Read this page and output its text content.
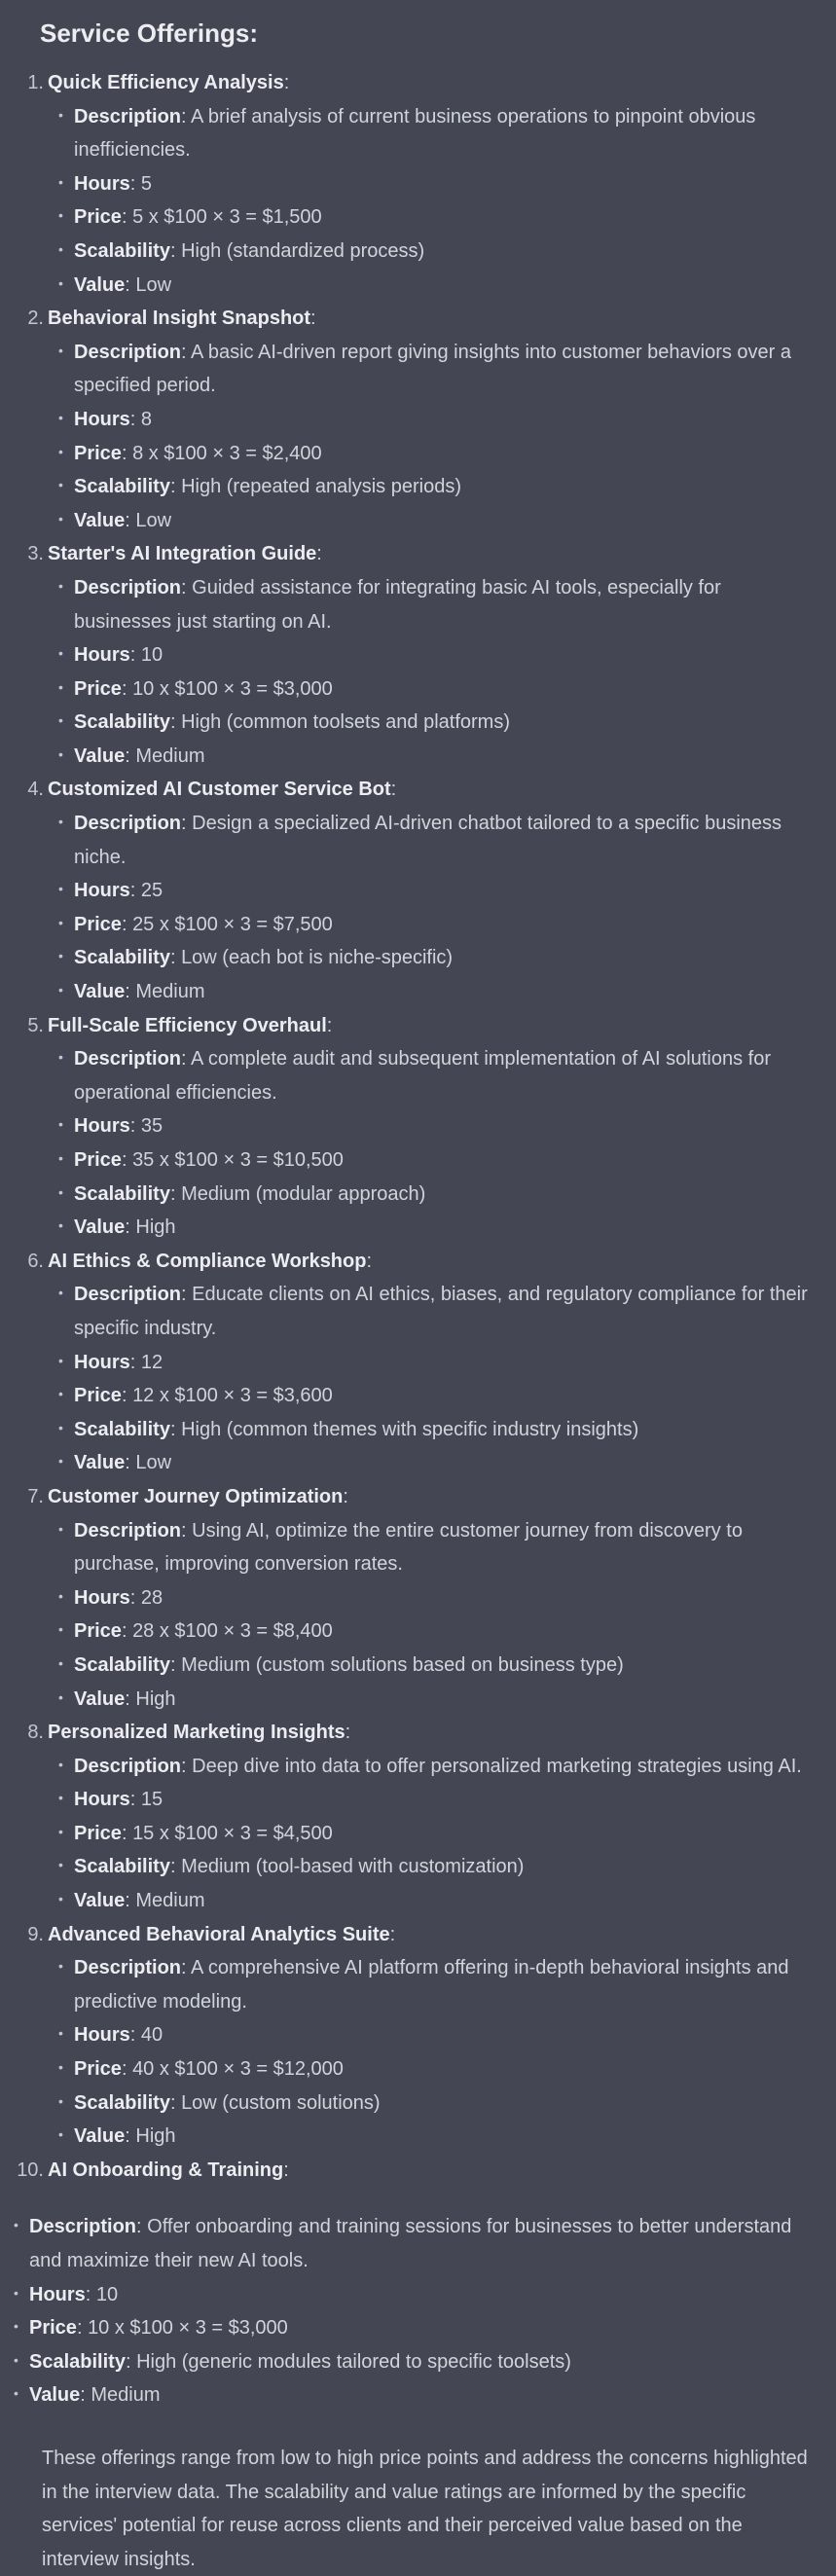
Service Offerings:
1. Quick Efficiency Analysis:
• Description: A brief analysis of current business operations to pinpoint obvious inefficiencies.
• Hours: 5
• Price: 5 x $100 × 3 = $1,500
• Scalability: High (standardized process)
• Value: Low
2. Behavioral Insight Snapshot:
• Description: A basic AI-driven report giving insights into customer behaviors over a specified period.
• Hours: 8
• Price: 8 x $100 × 3 = $2,400
• Scalability: High (repeated analysis periods)
• Value: Low
3. Starter's AI Integration Guide:
• Description: Guided assistance for integrating basic AI tools, especially for businesses just starting on AI.
• Hours: 10
• Price: 10 x $100 × 3 = $3,000
• Scalability: High (common toolsets and platforms)
• Value: Medium
4. Customized AI Customer Service Bot:
• Description: Design a specialized AI-driven chatbot tailored to a specific business niche.
• Hours: 25
• Price: 25 x $100 × 3 = $7,500
• Scalability: Low (each bot is niche-specific)
• Value: Medium
5. Full-Scale Efficiency Overhaul:
• Description: A complete audit and subsequent implementation of AI solutions for operational efficiencies.
• Hours: 35
• Price: 35 x $100 × 3 = $10,500
• Scalability: Medium (modular approach)
• Value: High
6. AI Ethics & Compliance Workshop:
• Description: Educate clients on AI ethics, biases, and regulatory compliance for their specific industry.
• Hours: 12
• Price: 12 x $100 × 3 = $3,600
• Scalability: High (common themes with specific industry insights)
• Value: Low
7. Customer Journey Optimization:
• Description: Using AI, optimize the entire customer journey from discovery to purchase, improving conversion rates.
• Hours: 28
• Price: 28 x $100 × 3 = $8,400
• Scalability: Medium (custom solutions based on business type)
• Value: High
8. Personalized Marketing Insights:
• Description: Deep dive into data to offer personalized marketing strategies using AI.
• Hours: 15
• Price: 15 x $100 × 3 = $4,500
• Scalability: Medium (tool-based with customization)
• Value: Medium
9. Advanced Behavioral Analytics Suite:
• Description: A comprehensive AI platform offering in-depth behavioral insights and predictive modeling.
• Hours: 40
• Price: 40 x $100 × 3 = $12,000
• Scalability: Low (custom solutions)
• Value: High
10. AI Onboarding & Training:
• Description: Offer onboarding and training sessions for businesses to better understand and maximize their new AI tools.
• Hours: 10
• Price: 10 x $100 × 3 = $3,000
• Scalability: High (generic modules tailored to specific toolsets)
• Value: Medium
These offerings range from low to high price points and address the concerns highlighted in the interview data. The scalability and value ratings are informed by the specific services' potential for reuse across clients and their perceived value based on the interview insights.
